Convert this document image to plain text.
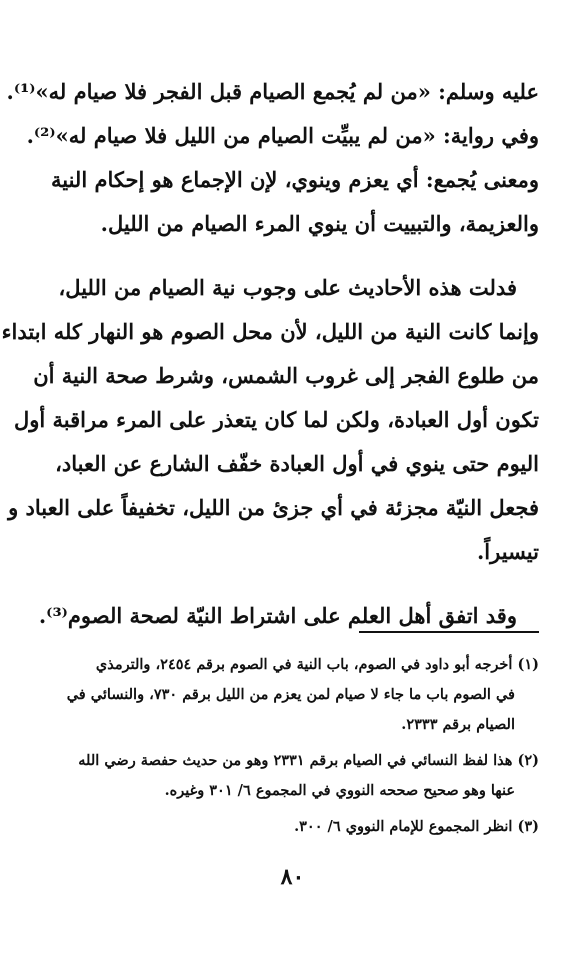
عليه وسلم: «من لم يُجمع الصيام قبل الفجر فلا صيام له»⁽¹⁾.
وفي رواية: «من لم يبيِّت الصيام من الليل فلا صيام له»⁽²⁾.
ومعنى يُجمع: أي يعزم وينوي، لإن الإجماع هو إحكام النية
والعزيمة، والتبييت أن ينوي المرء الصيام من الليل.
فدلت هذه الأحاديث على وجوب نية الصيام من الليل،
وإنما كانت النية من الليل، لأن محل الصوم هو النهار كله ابتداء
من طلوع الفجر إلى غروب الشمس، وشرط صحة النية أن
تكون أول العبادة، ولكن لما كان يتعذر على المرء مراقبة أول
اليوم حتى ينوي في أول العبادة خفّف الشارع عن العباد،
فجعل النيّة مجزئة في أي جزئ من الليل، تخفيفاً على العباد و
تيسيراً.
وقد اتفق أهل العلم على اشتراط النيّة لصحة الصوم⁽³⁾.
(١) أخرجه أبو داود في الصوم، باب النية في الصوم برقم ٢٤٥٤، والترمذي
في الصوم باب ما جاء لا صيام لمن يعزم من الليل برقم ٧٣٠، والنسائي في
الصيام برقم ٢٣٣٣.
(٢) هذا لفظ النسائي في الصيام برقم ٢٣٣١ وهو من حديث حفصة رضي الله
عنها وهو صحيح صححه النووي في المجموع ٦/ ٣٠١ وغيره.
(٣) انظر المجموع للإمام النووي ٦/ ٣٠٠.
٨٠
